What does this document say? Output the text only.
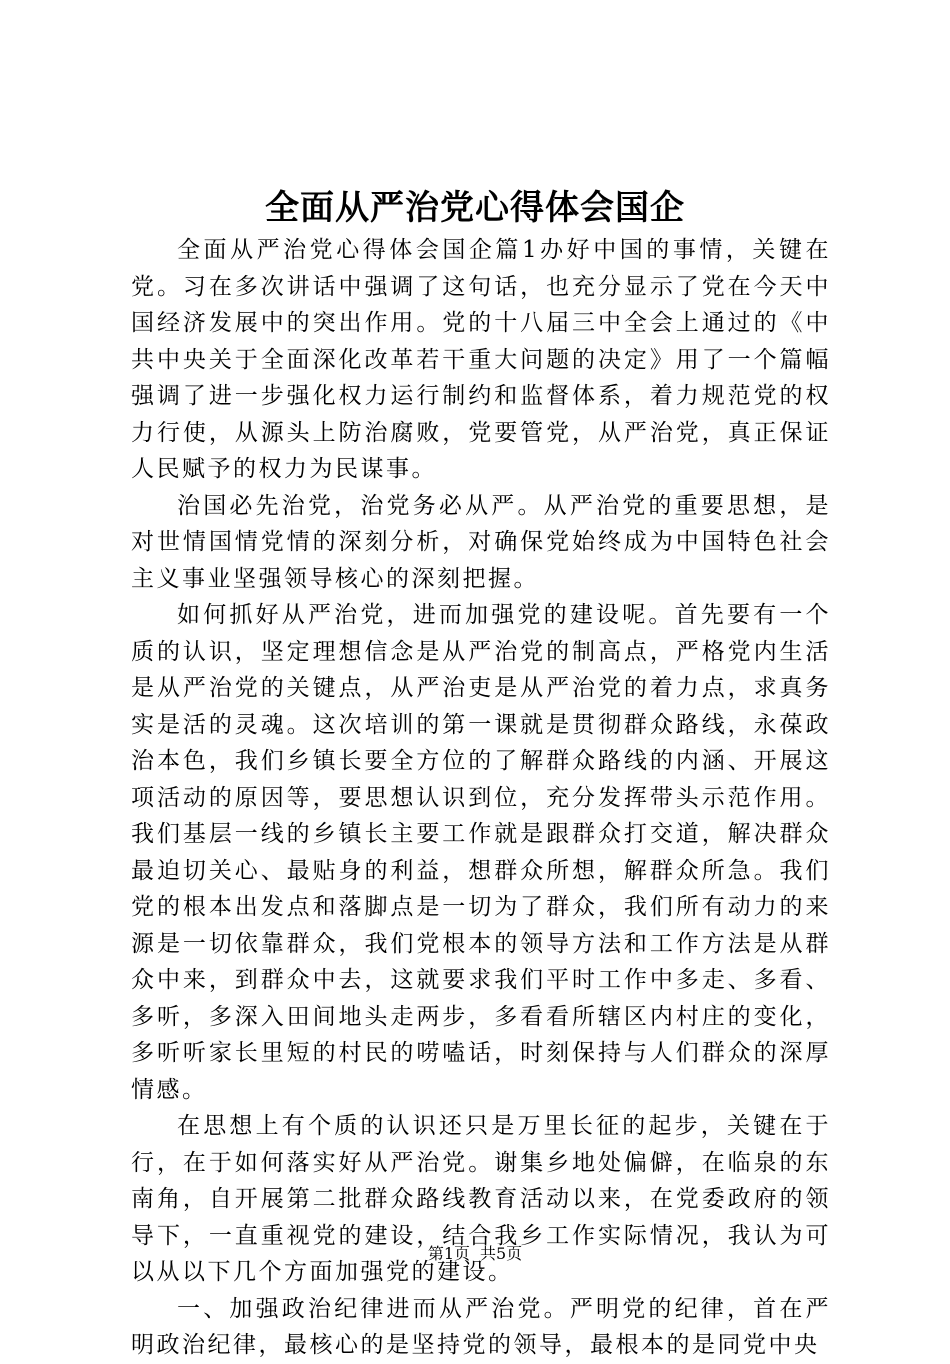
全面从严治党心得体会国企

全面从严治党心得体会国企篇1办好中国的事情，关键在党。习在多次讲话中强调了这句话，也充分显示了党在今天中国经济发展中的突出作用。党的十八届三中全会上通过的《中共中央关于全面深化改革若干重大问题的决定》用了一个篇幅强调了进一步强化权力运行制约和监督体系，着力规范党的权力行使，从源头上防治腐败，党要管党，从严治党，真正保证人民赋予的权力为民谋事。

治国必先治党，治党务必从严。从严治党的重要思想，是对世情国情党情的深刻分析，对确保党始终成为中国特色社会主义事业坚强领导核心的深刻把握。

如何抓好从严治党，进而加强党的建设呢。首先要有一个质的认识，坚定理想信念是从严治党的制高点，严格党内生活是从严治党的关键点，从严治吏是从严治党的着力点，求真务实是活的灵魂。这次培训的第一课就是贯彻群众路线，永葆政治本色，我们乡镇长要全方位的了解群众路线的内涵、开展这项活动的原因等，要思想认识到位，充分发挥带头示范作用。我们基层一线的乡镇长主要工作就是跟群众打交道，解决群众最迫切关心、最贴身的利益，想群众所想，解群众所急。我们党的根本出发点和落脚点是一切为了群众，我们所有动力的来源是一切依靠群众，我们党根本的领导方法和工作方法是从群众中来，到群众中去，这就要求我们平时工作中多走、多看、多听，多深入田间地头走两步，多看看所辖区内村庄的变化，多听听家长里短的村民的唠嗑话，时刻保持与人们群众的深厚情感。

在思想上有个质的认识还只是万里长征的起步，关键在于行，在于如何落实好从严治党。谢集乡地处偏僻，在临泉的东南角，自开展第二批群众路线教育活动以来，在党委政府的领导下，一直重视党的建设，结合我乡工作实际情况，我认为可以从以下几个方面加强党的建设。

一、加强政治纪律进而从严治党。严明党的纪律，首在严明政治纪律，最核心的是坚持党的领导，最根本的是同党中央

第1页 共5页
